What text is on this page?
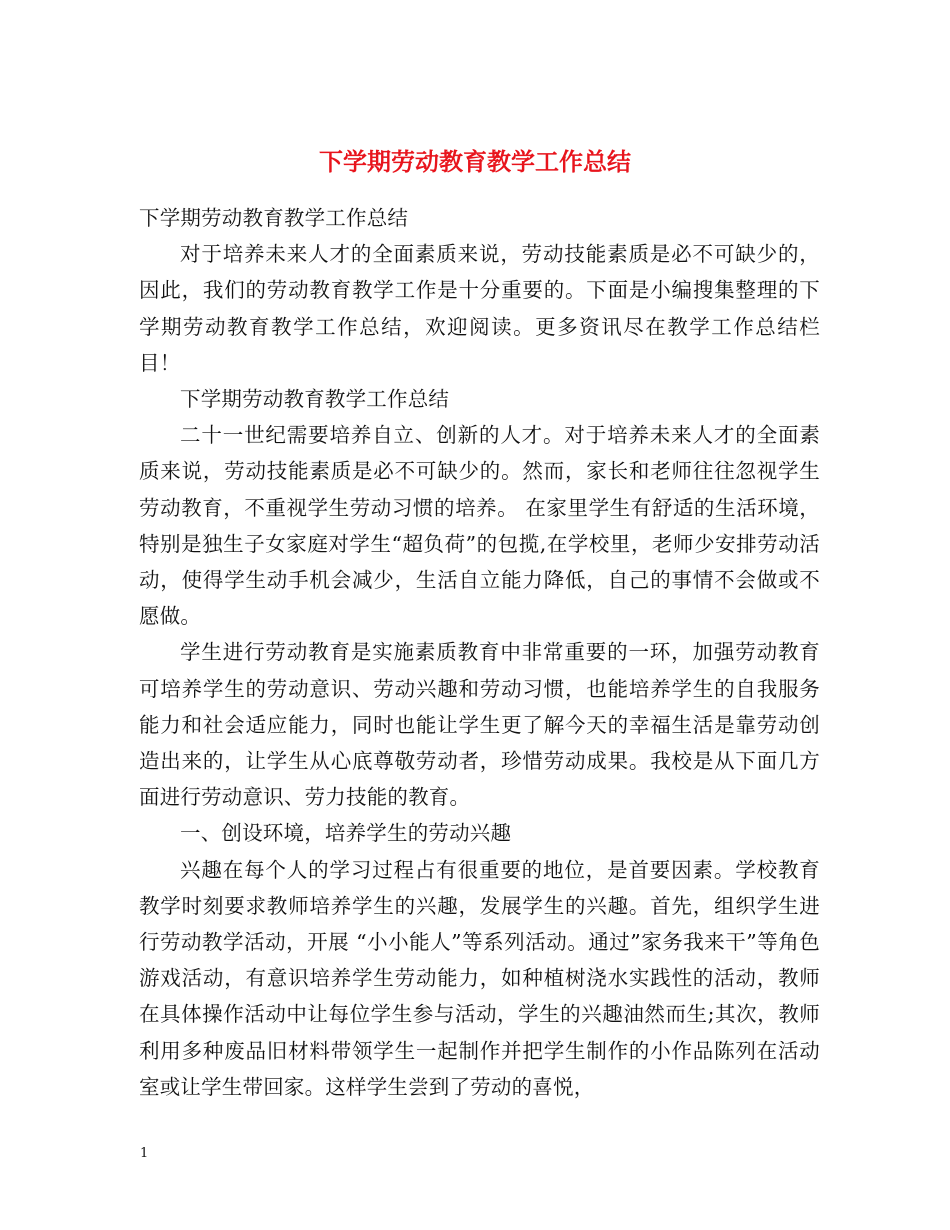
下学期劳动教育教学工作总结

下学期劳动教育教学工作总结

对于培养未来人才的全面素质来说，劳动技能素质是必不可缺少的，因此，我们的劳动教育教学工作是十分重要的。下面是小编搜集整理的下学期劳动教育教学工作总结，欢迎阅读。更多资讯尽在教学工作总结栏目！

下学期劳动教育教学工作总结

二十一世纪需要培养自立、创新的人才。对于培养未来人才的全面素质来说，劳动技能素质是必不可缺少的。然而，家长和老师往往忽视学生劳动教育，不重视学生劳动习惯的培养。 在家里学生有舒适的生活环境，特别是独生子女家庭对学生“超负荷”的包揽,在学校里，老师少安排劳动活动，使得学生动手机会减少，生活自立能力降低，自己的事情不会做或不愿做。

学生进行劳动教育是实施素质教育中非常重要的一环，加强劳动教育可培养学生的劳动意识、劳动兴趣和劳动习惯，也能培养学生的自我服务能力和社会适应能力，同时也能让学生更了解今天的幸福生活是靠劳动创造出来的，让学生从心底尊敬劳动者，珍惜劳动成果。我校是从下面几方面进行劳动意识、劳力技能的教育。

一、创设环境，培养学生的劳动兴趣

兴趣在每个人的学习过程占有很重要的地位，是首要因素。学校教育教学时刻要求教师培养学生的兴趣，发展学生的兴趣。首先，组织学生进行劳动教学活动，开展 “小小能人”等系列活动。通过”家务我来干”等角色游戏活动，有意识培养学生劳动能力，如种植树浇水实践性的活动，教师在具体操作活动中让每位学生参与活动，学生的兴趣油然而生;其次，教师利用多种废品旧材料带领学生一起制作并把学生制作的小作品陈列在活动室或让学生带回家。这样学生尝到了劳动的喜悦，

1
